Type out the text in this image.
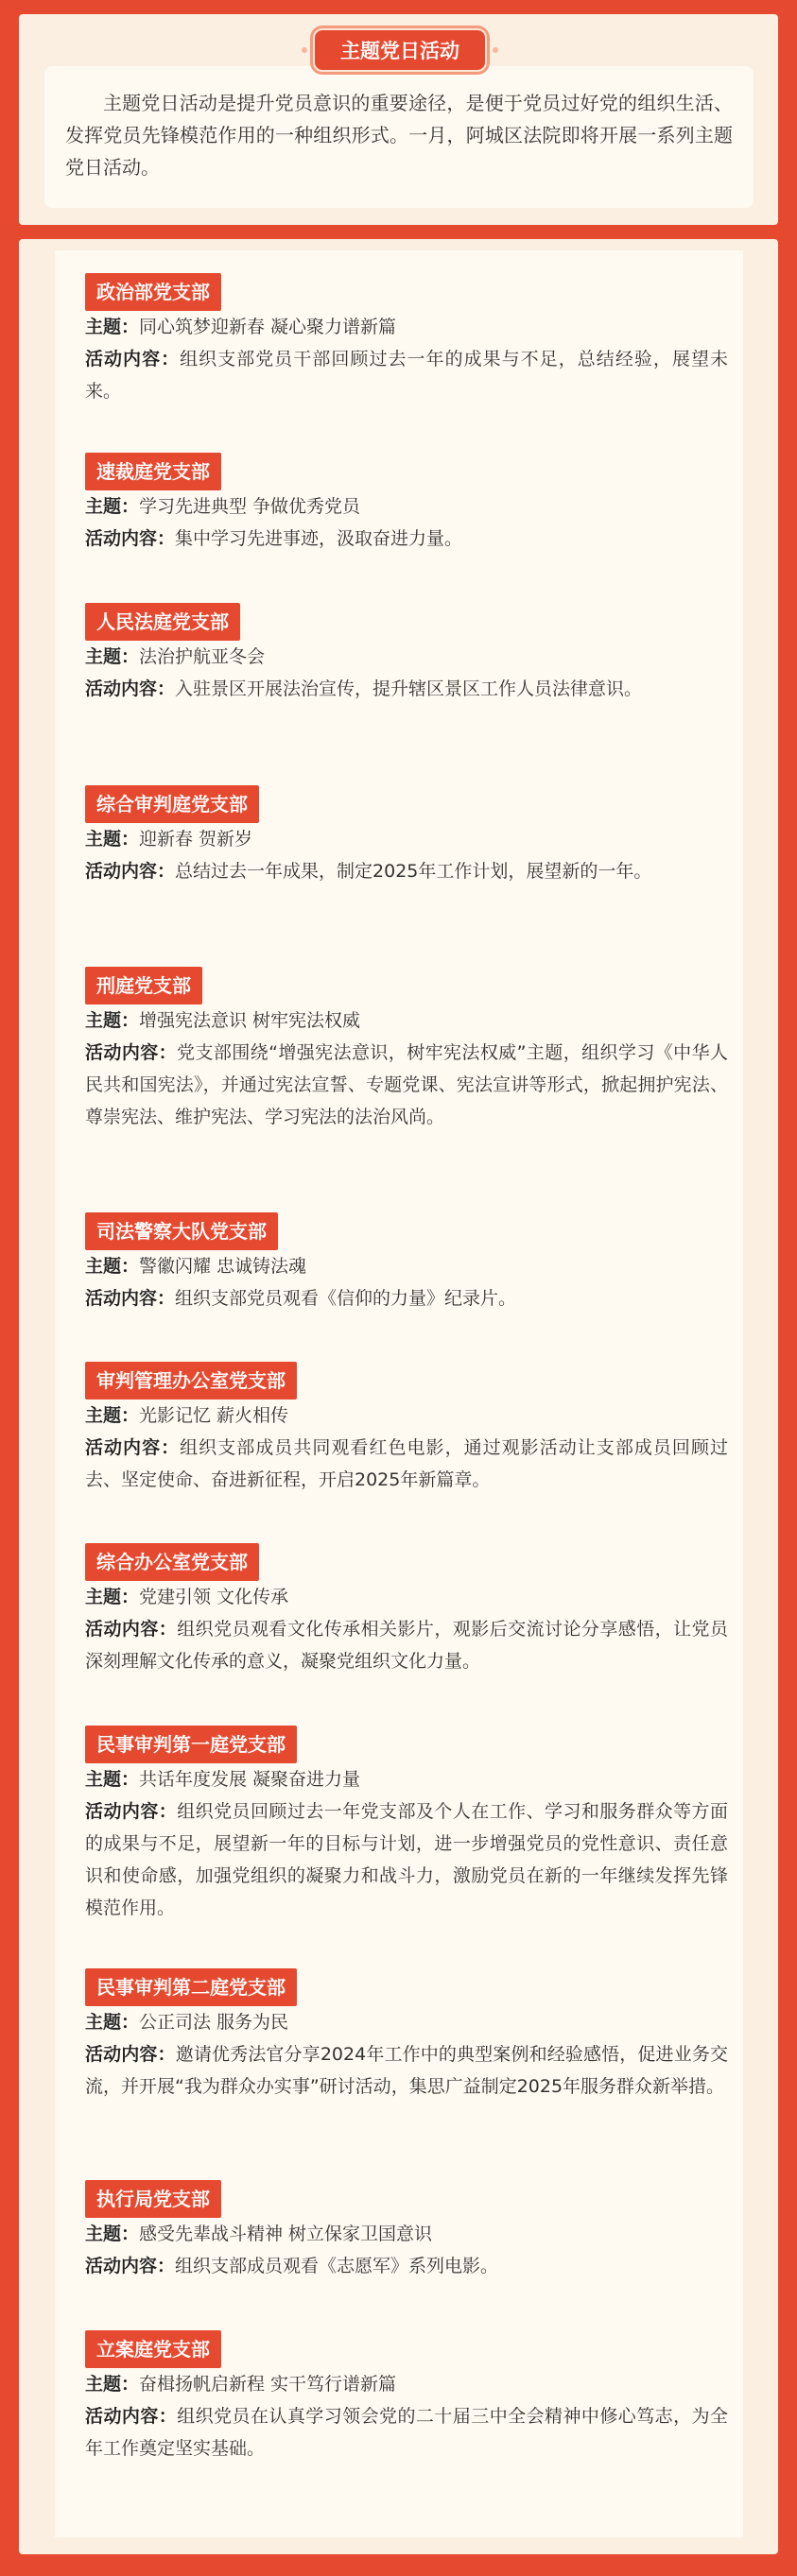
主题党日活动是提升党员意识的重要途径，是便于党员过好党的组织生活、发挥党员先锋模范作用的一种组织形式。一月，阿城区法院即将开展一系列主题党日活动。
主题党日活动
政治部党支部
主题：同心筑梦迎新春 凝心聚力谱新篇
活动内容：组织支部党员干部回顾过去一年的成果与不足，总结经验，展望未来。
速裁庭党支部
主题：学习先进典型 争做优秀党员
活动内容：集中学习先进事迹，汲取奋进力量。
人民法庭党支部
主题：法治护航亚冬会
活动内容：入驻景区开展法治宣传，提升辖区景区工作人员法律意识。
综合审判庭党支部
主题：迎新春 贺新岁
活动内容：总结过去一年成果，制定2025年工作计划，展望新的一年。
刑庭党支部
主题：增强宪法意识 树牢宪法权威
活动内容：党支部围绕“增强宪法意识，树牢宪法权威”主题，组织学习《中华人民共和国宪法》，并通过宪法宣誓、专题党课、宪法宣讲等形式，掀起拥护宪法、尊崇宪法、维护宪法、学习宪法的法治风尚。
司法警察大队党支部
主题：警徽闪耀 忠诚铸法魂
活动内容：组织支部党员观看《信仰的力量》纪录片。
审判管理办公室党支部
主题：光影记忆 薪火相传
活动内容：组织支部成员共同观看红色电影，通过观影活动让支部成员回顾过去、坚定使命、奋进新征程，开启2025年新篇章。
综合办公室党支部
主题：党建引领 文化传承
活动内容：组织党员观看文化传承相关影片，观影后交流讨论分享感悟，让党员深刻理解文化传承的意义，凝聚党组织文化力量。
民事审判第一庭党支部
主题：共话年度发展 凝聚奋进力量
活动内容：组织党员回顾过去一年党支部及个人在工作、学习和服务群众等方面的成果与不足，展望新一年的目标与计划，进一步增强党员的党性意识、责任意识和使命感，加强党组织的凝聚力和战斗力，激励党员在新的一年继续发挥先锋模范作用。
民事审判第二庭党支部
主题：公正司法 服务为民
活动内容：邀请优秀法官分享2024年工作中的典型案例和经验感悟，促进业务交流，并开展“我为群众办实事”研讨活动，集思广益制定2025年服务群众新举措。
执行局党支部
主题：感受先辈战斗精神 树立保家卫国意识
活动内容：组织支部成员观看《志愿军》系列电影。
立案庭党支部
主题：奋楫扬帆启新程 实干笃行谱新篇
活动内容：组织党员在认真学习领会党的二十届三中全会精神中修心笃志，为全年工作奠定坚实基础。
